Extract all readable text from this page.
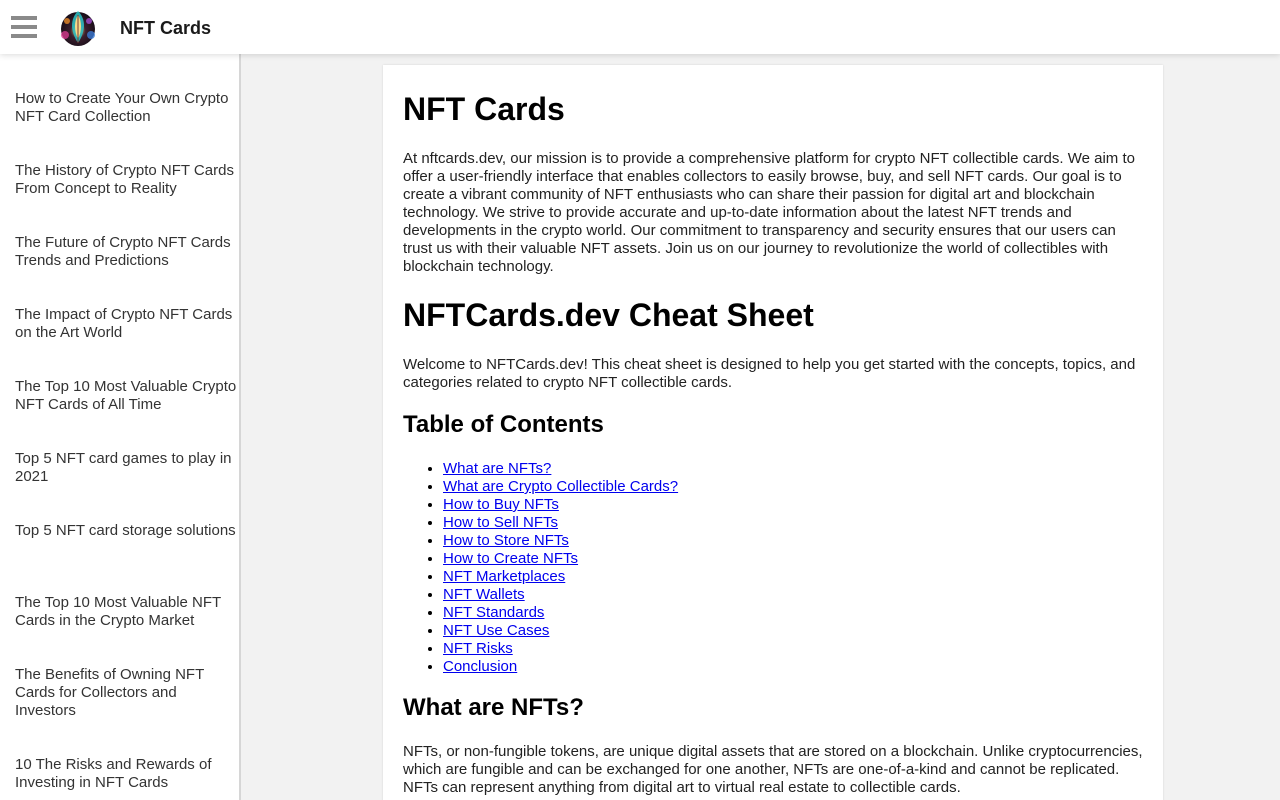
NFT Cards
How to Create Your Own Crypto NFT Card Collection
The History of Crypto NFT Cards From Concept to Reality
The Future of Crypto NFT Cards Trends and Predictions
The Impact of Crypto NFT Cards on the Art World
The Top 10 Most Valuable Crypto NFT Cards of All Time
Top 5 NFT card games to play in 2021
Top 5 NFT card storage solutions
The Top 10 Most Valuable NFT Cards in the Crypto Market
The Benefits of Owning NFT Cards for Collectors and Investors
10 The Risks and Rewards of Investing in NFT Cards
NFT Cards

At nftcards.dev, our mission is to provide a comprehensive platform for crypto NFT collectible cards. We aim to offer a user-friendly interface that enables collectors to easily browse, buy, and sell NFT cards. Our goal is to create a vibrant community of NFT enthusiasts who can share their passion for digital art and blockchain technology. We strive to provide accurate and up-to-date information about the latest NFT trends and developments in the crypto world. Our commitment to transparency and security ensures that our users can trust us with their valuable NFT assets. Join us on our journey to revolutionize the world of collectibles with blockchain technology.

NFTCards.dev Cheat Sheet

Welcome to NFTCards.dev! This cheat sheet is designed to help you get started with the concepts, topics, and categories related to crypto NFT collectible cards.

Table of Contents
• What are NFTs?
• What are Crypto Collectible Cards?
• How to Buy NFTs
• How to Sell NFTs
• How to Store NFTs
• How to Create NFTs
• NFT Marketplaces
• NFT Wallets
• NFT Standards
• NFT Use Cases
• NFT Risks
• Conclusion
What are NFTs?

NFTs, or non-fungible tokens, are unique digital assets that are stored on a blockchain. Unlike cryptocurrencies, which are fungible and can be exchanged for one another, NFTs are one-of-a-kind and cannot be replicated. NFTs can represent anything from digital art to virtual real estate to collectible cards.
